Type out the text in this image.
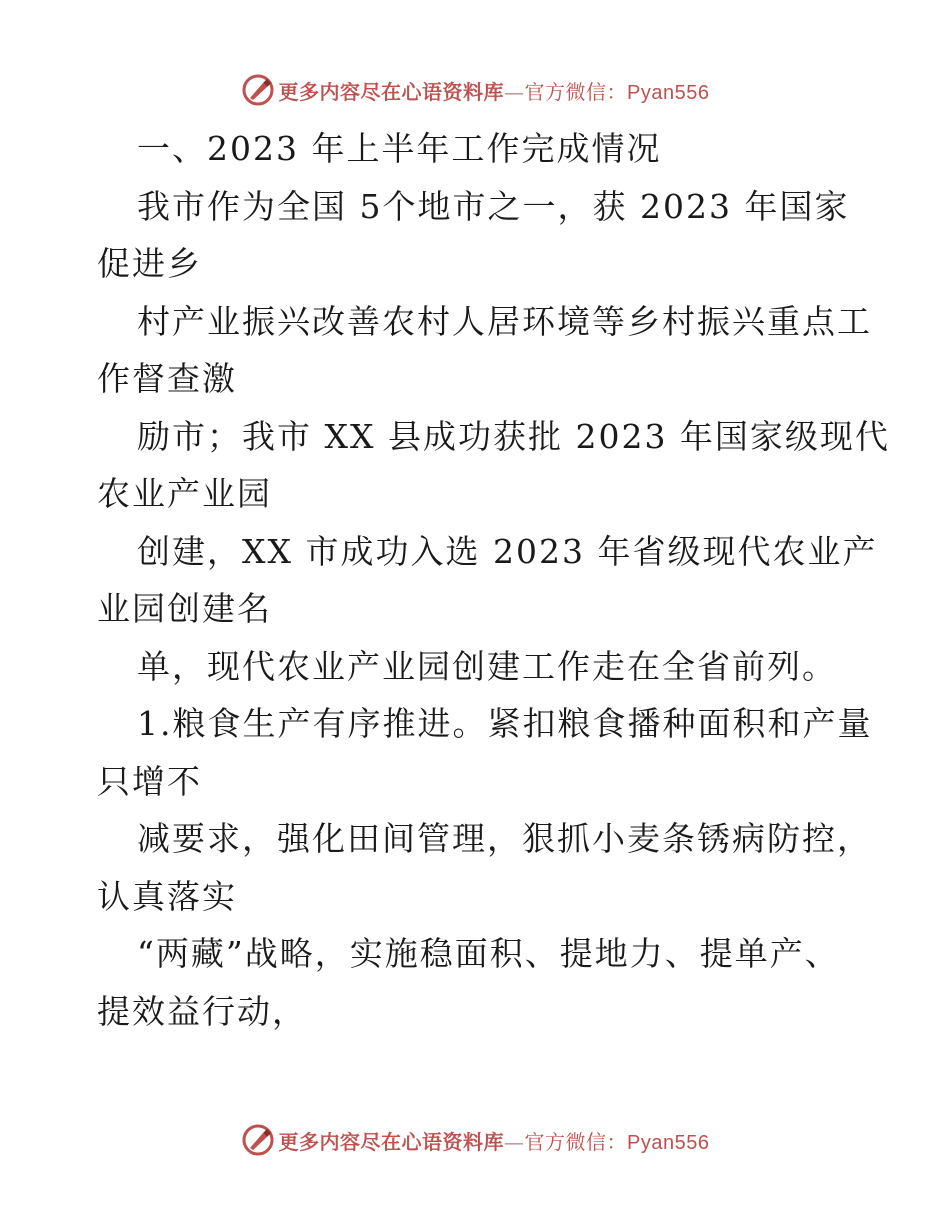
更多内容尽在心语资料库—官方微信：Pyan556
一、2023 年上半年工作完成情况
我市作为全国 5个地市之一，获 2023 年国家
促进乡
村产业振兴改善农村人居环境等乡村振兴重点工
作督查激
励市；我市 XX 县成功获批 2023 年国家级现代
农业产业园
创建，XX 市成功入选 2023 年省级现代农业产
业园创建名
单，现代农业产业园创建工作走在全省前列。
1.粮食生产有序推进。紧扣粮食播种面积和产量
只增不
减要求，强化田间管理，狠抓小麦条锈病防控，
认真落实
“两藏”战略，实施稳面积、提地力、提单产、
提效益行动，
更多内容尽在心语资料库—官方微信：Pyan556
